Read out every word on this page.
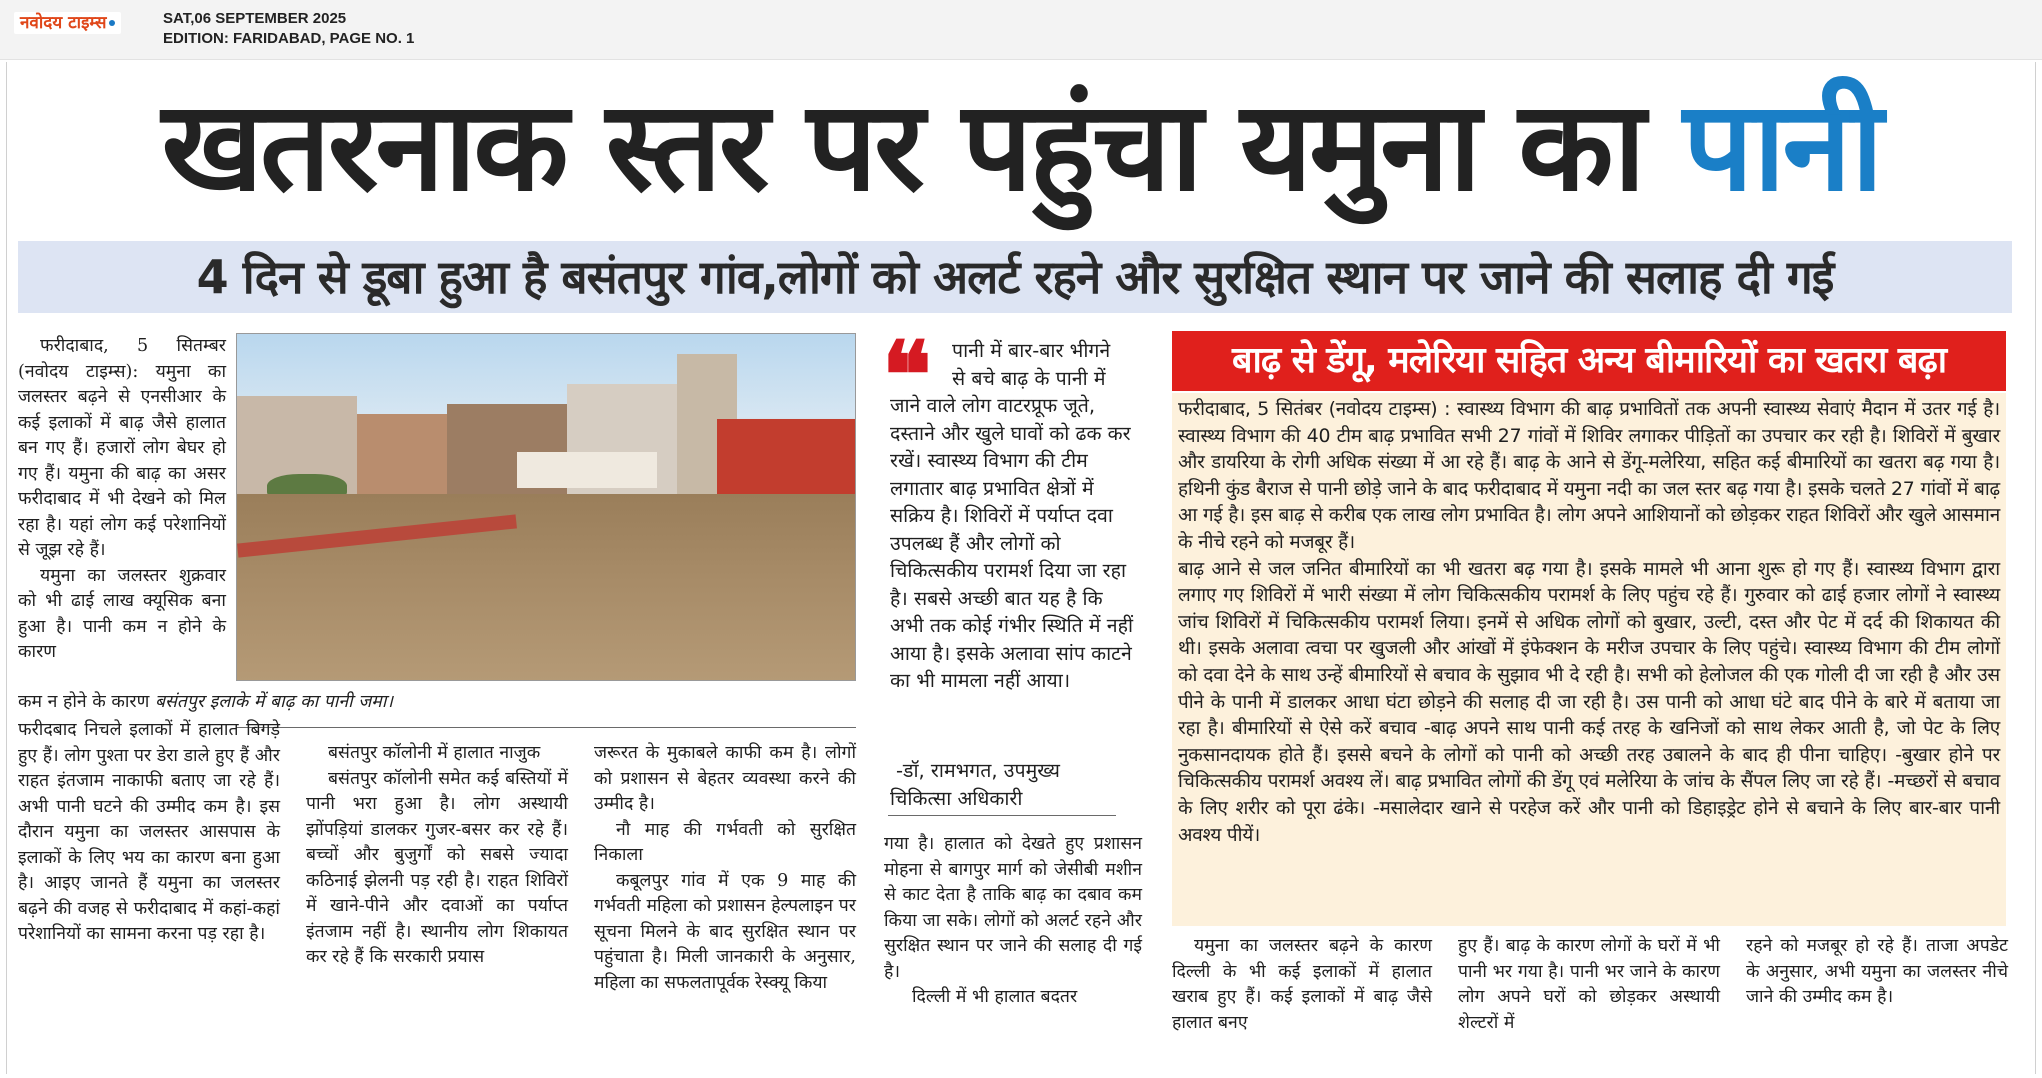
नवोदय टाइम्स	SAT,06 SEPTEMBER 2025
EDITION: FARIDABAD, PAGE NO. 1
खतरनाक स्तर पर पहुंचा यमुना का पानी
4 दिन से डूबा हुआ है बसंतपुर गांव,लोगों को अलर्ट रहने और सुरक्षित स्थान पर जाने की सलाह दी गई

फरीदाबाद, 5 सितम्बर (नवोदय टाइम्स): यमुना का जलस्तर बढ़ने से एनसीआर के कई इलाकों में बाढ़ जैसे हालात बन गए हैं। हजारों लोग बेघर हो गए हैं। यमुना की बाढ़ का असर फरीदाबाद में भी देखने को मिल रहा है। यहां लोग कई परेशानियों से जूझ रहे हैं।

यमुना का जलस्तर शुक्रवार को भी ढाई लाख क्यूसिक बना हुआ है। पानी कम न होने के कारण

कम न होने के कारण बसंतपुर इलाके में बाढ़ का पानी जमा।

फरीदबाद निचले इलाकों में हालात बिगड़े हुए हैं। लोग पुश्ता पर डेरा डाले हुए हैं और राहत इंतजाम नाकाफी बताए जा रहे हैं। अभी पानी घटने की उम्मीद कम है। इस दौरान यमुना का जलस्तर आसपास के इलाकों के लिए भय का कारण बना हुआ है। आइए जानते हैं यमुना का जलस्तर बढ़ने की वजह से फरीदाबाद में कहां-कहां परेशानियों का सामना करना पड़ रहा है।

बसंतपुर कॉलोनी में हालात नाजुक

बसंतपुर कॉलोनी समेत कई बस्तियों में पानी भरा हुआ है। लोग अस्थायी झोंपड़ियां डालकर गुजर-बसर कर रहे हैं। बच्चों और बुजुर्गों को सबसे ज्यादा कठिनाई झेलनी पड़ रही है। राहत शिविरों में खाने-पीने और दवाओं का पर्याप्त इंतजाम नहीं है। स्थानीय लोग शिकायत कर रहे हैं कि सरकारी प्रयास

जरूरत के मुकाबले काफी कम है। लोगों को प्रशासन से बेहतर व्यवस्था करने की उम्मीद है।

नौ माह की गर्भवती को सुरक्षित निकाला

कबूलपुर गांव में एक 9 माह की गर्भवती महिला को प्रशासन हेल्पलाइन पर सूचना मिलने के बाद सुरक्षित स्थान पर पहुंचाता है। मिली जानकारी के अनुसार, महिला का सफलतापूर्वक रेस्क्यू किया

❝	पानी में बार-बार भीगने
से बचे बाढ़ के पानी में
जाने वाले लोग वाटरप्रूफ जूते, दस्ताने और खुले घावों को ढक कर रखें। स्वास्थ्य विभाग की टीम लगातार बाढ़ प्रभावित क्षेत्रों में सक्रिय है। शिविरों में पर्याप्त दवा उपलब्ध हैं और लोगों को चिकित्सकीय परामर्श दिया जा रहा है। सबसे अच्छी बात यह है कि अभी तक कोई गंभीर स्थिति में नहीं आया है। इसके अलावा सांप काटने का भी मामला नहीं आया।
-डॉ, रामभगत, उपमुख्य
चिकित्सा अधिकारी

गया है। हालात को देखते हुए प्रशासन मोहना से बागपुर मार्ग को जेसीबी मशीन से काट देता है ताकि बाढ़ का दबाव कम किया जा सके। लोगों को अलर्ट रहने और सुरक्षित स्थान पर जाने की सलाह दी गई है।

दिल्ली में भी हालात बदतर

बाढ़ से डेंगू, मलेरिया सहित अन्य बीमारियों का खतरा बढ़ा

फरीदाबाद, 5 सितंबर (नवोदय टाइम्स) : स्वास्थ्य विभाग की बाढ़ प्रभावितों तक अपनी स्वास्थ्य सेवाएं मैदान में उतर गई है। स्वास्थ्य विभाग की 40 टीम बाढ़ प्रभावित सभी 27 गांवों में शिविर लगाकर पीड़ितों का उपचार कर रही है। शिविरों में बुखार और डायरिया के रोगी अधिक संख्या में आ रहे हैं। बाढ़ के आने से डेंगू-मलेरिया, सहित कई बीमारियों का खतरा बढ़ गया है। हथिनी कुंड बैराज से पानी छोड़े जाने के बाद फरीदाबाद में यमुना नदी का जल स्तर बढ़ गया है। इसके चलते 27 गांवों में बाढ़ आ गई है। इस बाढ़ से करीब एक लाख लोग प्रभावित है। लोग अपने आशियानों को छोड़कर राहत शिविरों और खुले आसमान के नीचे रहने को मजबूर हैं।

बाढ़ आने से जल जनित बीमारियों का भी खतरा बढ़ गया है। इसके मामले भी आना शुरू हो गए हैं। स्वास्थ्य विभाग द्वारा लगाए गए शिविरों में भारी संख्या में लोग चिकित्सकीय परामर्श के लिए पहुंच रहे हैं। गुरुवार को ढाई हजार लोगों ने स्वास्थ्य जांच शिविरों में चिकित्सकीय परामर्श लिया। इनमें से अधिक लोगों को बुखार, उल्टी, दस्त और पेट में दर्द की शिकायत की थी। इसके अलावा त्वचा पर खुजली और आंखों में इंफेक्शन के मरीज उपचार के लिए पहुंचे। स्वास्थ्य विभाग की टीम लोगों को दवा देने के साथ उन्हें बीमारियों से बचाव के सुझाव भी दे रही है। सभी को हेलोजल की एक गोली दी जा रही है और उस पीने के पानी में डालकर आधा घंटा छोड़ने की सलाह दी जा रही है। उस पानी को आधा घंटे बाद पीने के बारे में बताया जा रहा है। बीमारियों से ऐसे करें बचाव -बाढ़ अपने साथ पानी कई तरह के खनिजों को साथ लेकर आती है, जो पेट के लिए नुकसानदायक होते हैं। इससे बचने के लोगों को पानी को अच्छी तरह उबालने के बाद ही पीना चाहिए। -बुखार होने पर चिकित्सकीय परामर्श अवश्य लें। बाढ़ प्रभावित लोगों की डेंगू एवं मलेरिया के जांच के सैंपल लिए जा रहे हैं। -मच्छरों से बचाव के लिए शरीर को पूरा ढंके। -मसालेदार खाने से परहेज करें और पानी को डिहाइड्रेट होने से बचाने के लिए बार-बार पानी अवश्य पीयें।

यमुना का जलस्तर बढ़ने के कारण दिल्ली के भी कई इलाकों में हालात खराब हुए हैं। कई इलाकों में बाढ़ जैसे हालात बनए

हुए हैं। बाढ़ के कारण लोगों के घरों में भी पानी भर गया है। पानी भर जाने के कारण लोग अपने घरों को छोड़कर अस्थायी शेल्टरों में

रहने को मजबूर हो रहे हैं। ताजा अपडेट के अनुसार, अभी यमुना का जलस्तर नीचे जाने की उम्मीद कम है।
